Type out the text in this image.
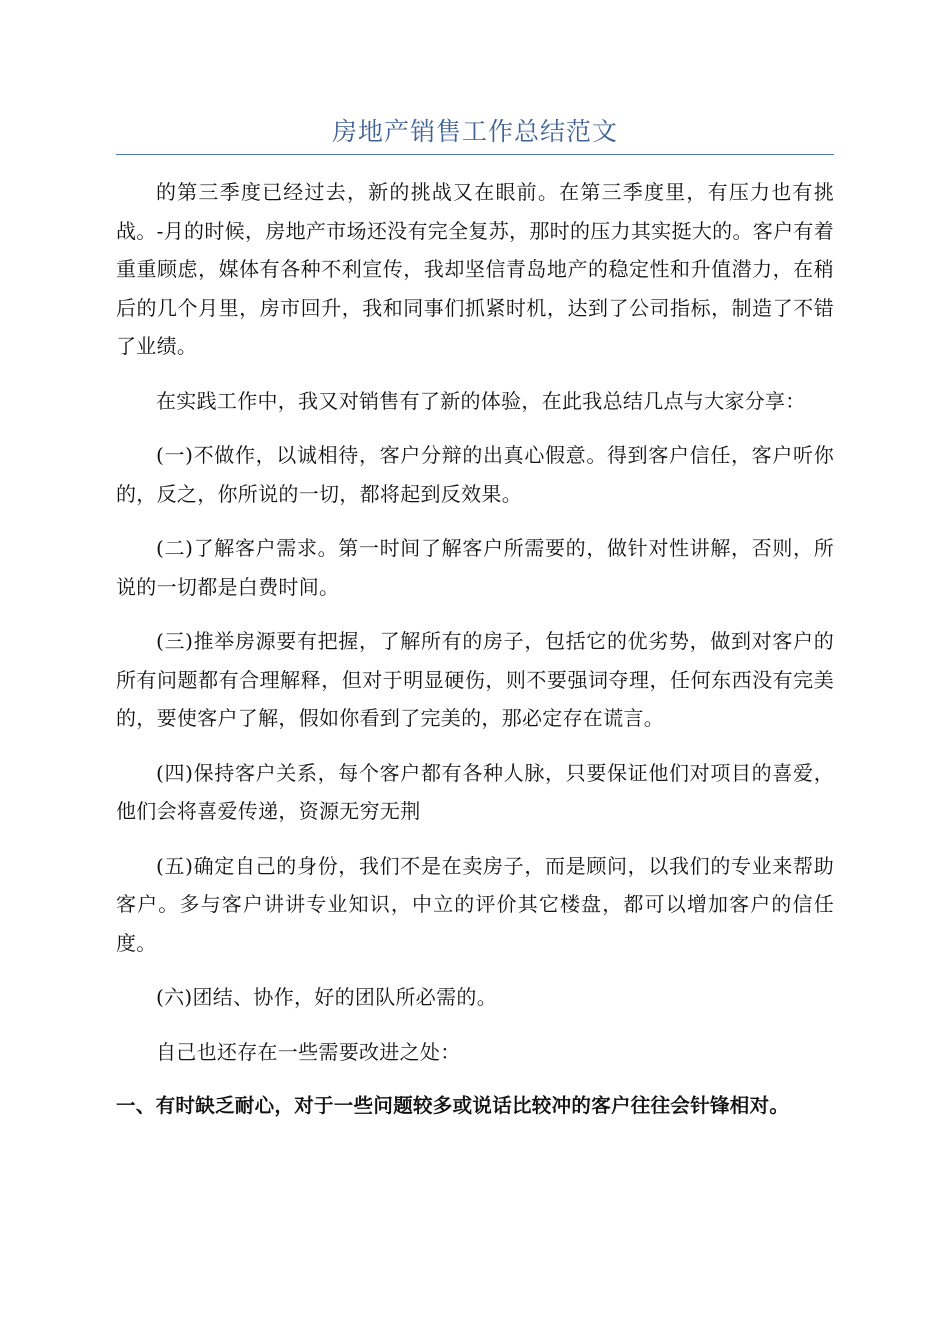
房地产销售工作总结范文

的第三季度已经过去，新的挑战又在眼前。在第三季度里，有压力也有挑战。-月的时候，房地产市场还没有完全复苏，那时的压力其实挺大的。客户有着重重顾虑，媒体有各种不利宣传，我却坚信青岛地产的稳定性和升值潜力，在稍后的几个月里，房市回升，我和同事们抓紧时机，达到了公司指标，制造了不错了业绩。

在实践工作中，我又对销售有了新的体验，在此我总结几点与大家分享：

(一)不做作，以诚相待，客户分辩的出真心假意。得到客户信任，客户听你的，反之，你所说的一切，都将起到反效果。

(二)了解客户需求。第一时间了解客户所需要的，做针对性讲解，否则，所说的一切都是白费时间。

(三)推举房源要有把握，了解所有的房子，包括它的优劣势，做到对客户的所有问题都有合理解释，但对于明显硬伤，则不要强词夺理，任何东西没有完美的，要使客户了解，假如你看到了完美的，那必定存在谎言。

(四)保持客户关系，每个客户都有各种人脉，只要保证他们对项目的喜爱，他们会将喜爱传递，资源无穷无荆

(五)确定自己的身份，我们不是在卖房子，而是顾问，以我们的专业来帮助客户。多与客户讲讲专业知识，中立的评价其它楼盘，都可以增加客户的信任度。

(六)团结、协作，好的团队所必需的。

自己也还存在一些需要改进之处：

一、有时缺乏耐心，对于一些问题较多或说话比较冲的客户往往会针锋相对。
